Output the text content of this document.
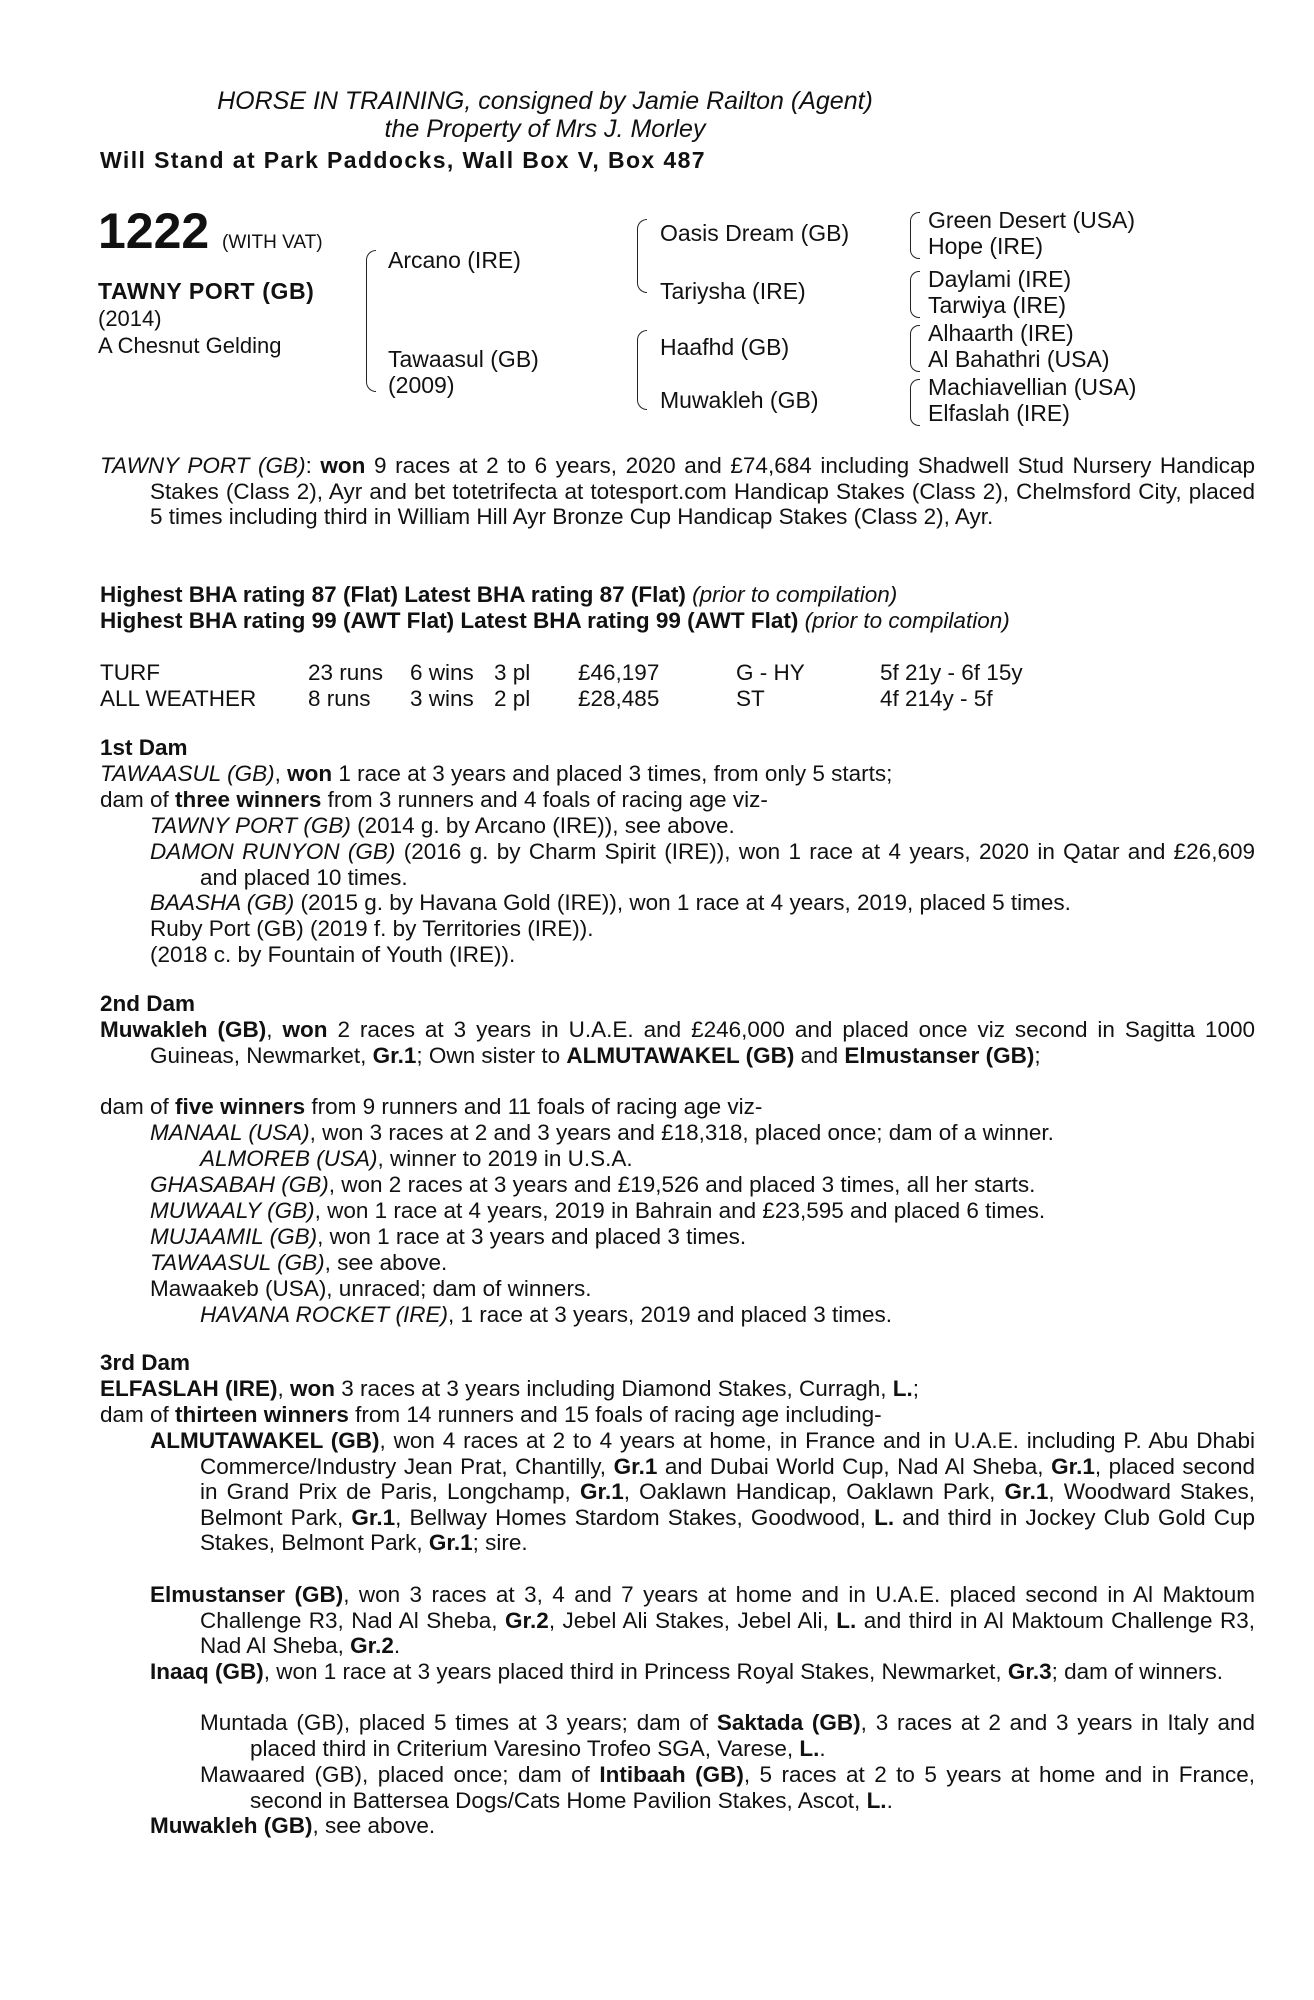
HORSE IN TRAINING, consigned by Jamie Railton (Agent)
the Property of Mrs J. Morley
Will Stand at Park Paddocks, Wall Box V, Box 487
1222 (WITH VAT)
TAWNY PORT (GB)
(2014)
A Chesnut Gelding
Arcano (IRE)
Tawaasul (GB)
(2009)
Oasis Dream (GB)
Tariysha (IRE)
Haafhd (GB)
Muwakleh (GB)
Green Desert (USA)
Hope (IRE)
Daylami (IRE)
Tarwiya (IRE)
Alhaarth (IRE)
Al Bahathri (USA)
Machiavellian (USA)
Elfaslah (IRE)
TAWNY PORT (GB): won 9 races at 2 to 6 years, 2020 and £74,684 including Shadwell Stud Nursery Handicap Stakes (Class 2), Ayr and bet totetrifecta at totesport.com Handicap Stakes (Class 2), Chelmsford City, placed 5 times including third in William Hill Ayr Bronze Cup Handicap Stakes (Class 2), Ayr.
Highest BHA rating 87 (Flat) Latest BHA rating 87 (Flat) (prior to compilation)
Highest BHA rating 99 (AWT Flat) Latest BHA rating 99 (AWT Flat) (prior to compilation)
TURF	23 runs 6 wins 3 pl £46,197	G - HY	5f 21y - 6f 15y
ALL WEATHER 8 runs 3 wins 2 pl £28,485	ST	4f 214y - 5f
1st Dam
TAWAASUL (GB), won 1 race at 3 years and placed 3 times, from only 5 starts;
dam of three winners from 3 runners and 4 foals of racing age viz-
TAWNY PORT (GB) (2014 g. by Arcano (IRE)), see above.
DAMON RUNYON (GB) (2016 g. by Charm Spirit (IRE)), won 1 race at 4 years, 2020 in Qatar and £26,609 and placed 10 times.
BAASHA (GB) (2015 g. by Havana Gold (IRE)), won 1 race at 4 years, 2019, placed 5 times.
Ruby Port (GB) (2019 f. by Territories (IRE)).
(2018 c. by Fountain of Youth (IRE)).
2nd Dam
Muwakleh (GB), won 2 races at 3 years in U.A.E. and £246,000 and placed once viz second in Sagitta 1000 Guineas, Newmarket, Gr.1; Own sister to ALMUTAWAKEL (GB) and Elmustanser (GB);
dam of five winners from 9 runners and 11 foals of racing age viz-
MANAAL (USA), won 3 races at 2 and 3 years and £18,318, placed once; dam of a winner.
ALMOREB (USA), winner to 2019 in U.S.A.
GHASABAH (GB), won 2 races at 3 years and £19,526 and placed 3 times, all her starts.
MUWAALY (GB), won 1 race at 4 years, 2019 in Bahrain and £23,595 and placed 6 times.
MUJAAMIL (GB), won 1 race at 3 years and placed 3 times.
TAWAASUL (GB), see above.
Mawaakeb (USA), unraced; dam of winners.
HAVANA ROCKET (IRE), 1 race at 3 years, 2019 and placed 3 times.
3rd Dam
ELFASLAH (IRE), won 3 races at 3 years including Diamond Stakes, Curragh, L.;
dam of thirteen winners from 14 runners and 15 foals of racing age including-
ALMUTAWAKEL (GB), won 4 races at 2 to 4 years at home, in France and in U.A.E. including P. Abu Dhabi Commerce/Industry Jean Prat, Chantilly, Gr.1 and Dubai World Cup, Nad Al Sheba, Gr.1, placed second in Grand Prix de Paris, Longchamp, Gr.1, Oaklawn Handicap, Oaklawn Park, Gr.1, Woodward Stakes, Belmont Park, Gr.1, Bellway Homes Stardom Stakes, Goodwood, L. and third in Jockey Club Gold Cup Stakes, Belmont Park, Gr.1; sire.
Elmustanser (GB), won 3 races at 3, 4 and 7 years at home and in U.A.E. placed second in Al Maktoum Challenge R3, Nad Al Sheba, Gr.2, Jebel Ali Stakes, Jebel Ali, L. and third in Al Maktoum Challenge R3, Nad Al Sheba, Gr.2.
Inaaq (GB), won 1 race at 3 years placed third in Princess Royal Stakes, Newmarket, Gr.3; dam of winners.
Muntada (GB), placed 5 times at 3 years; dam of Saktada (GB), 3 races at 2 and 3 years in Italy and placed third in Criterium Varesino Trofeo SGA, Varese, L..
Mawaared (GB), placed once; dam of Intibaah (GB), 5 races at 2 to 5 years at home and in France, second in Battersea Dogs/Cats Home Pavilion Stakes, Ascot, L..
Muwakleh (GB), see above.
